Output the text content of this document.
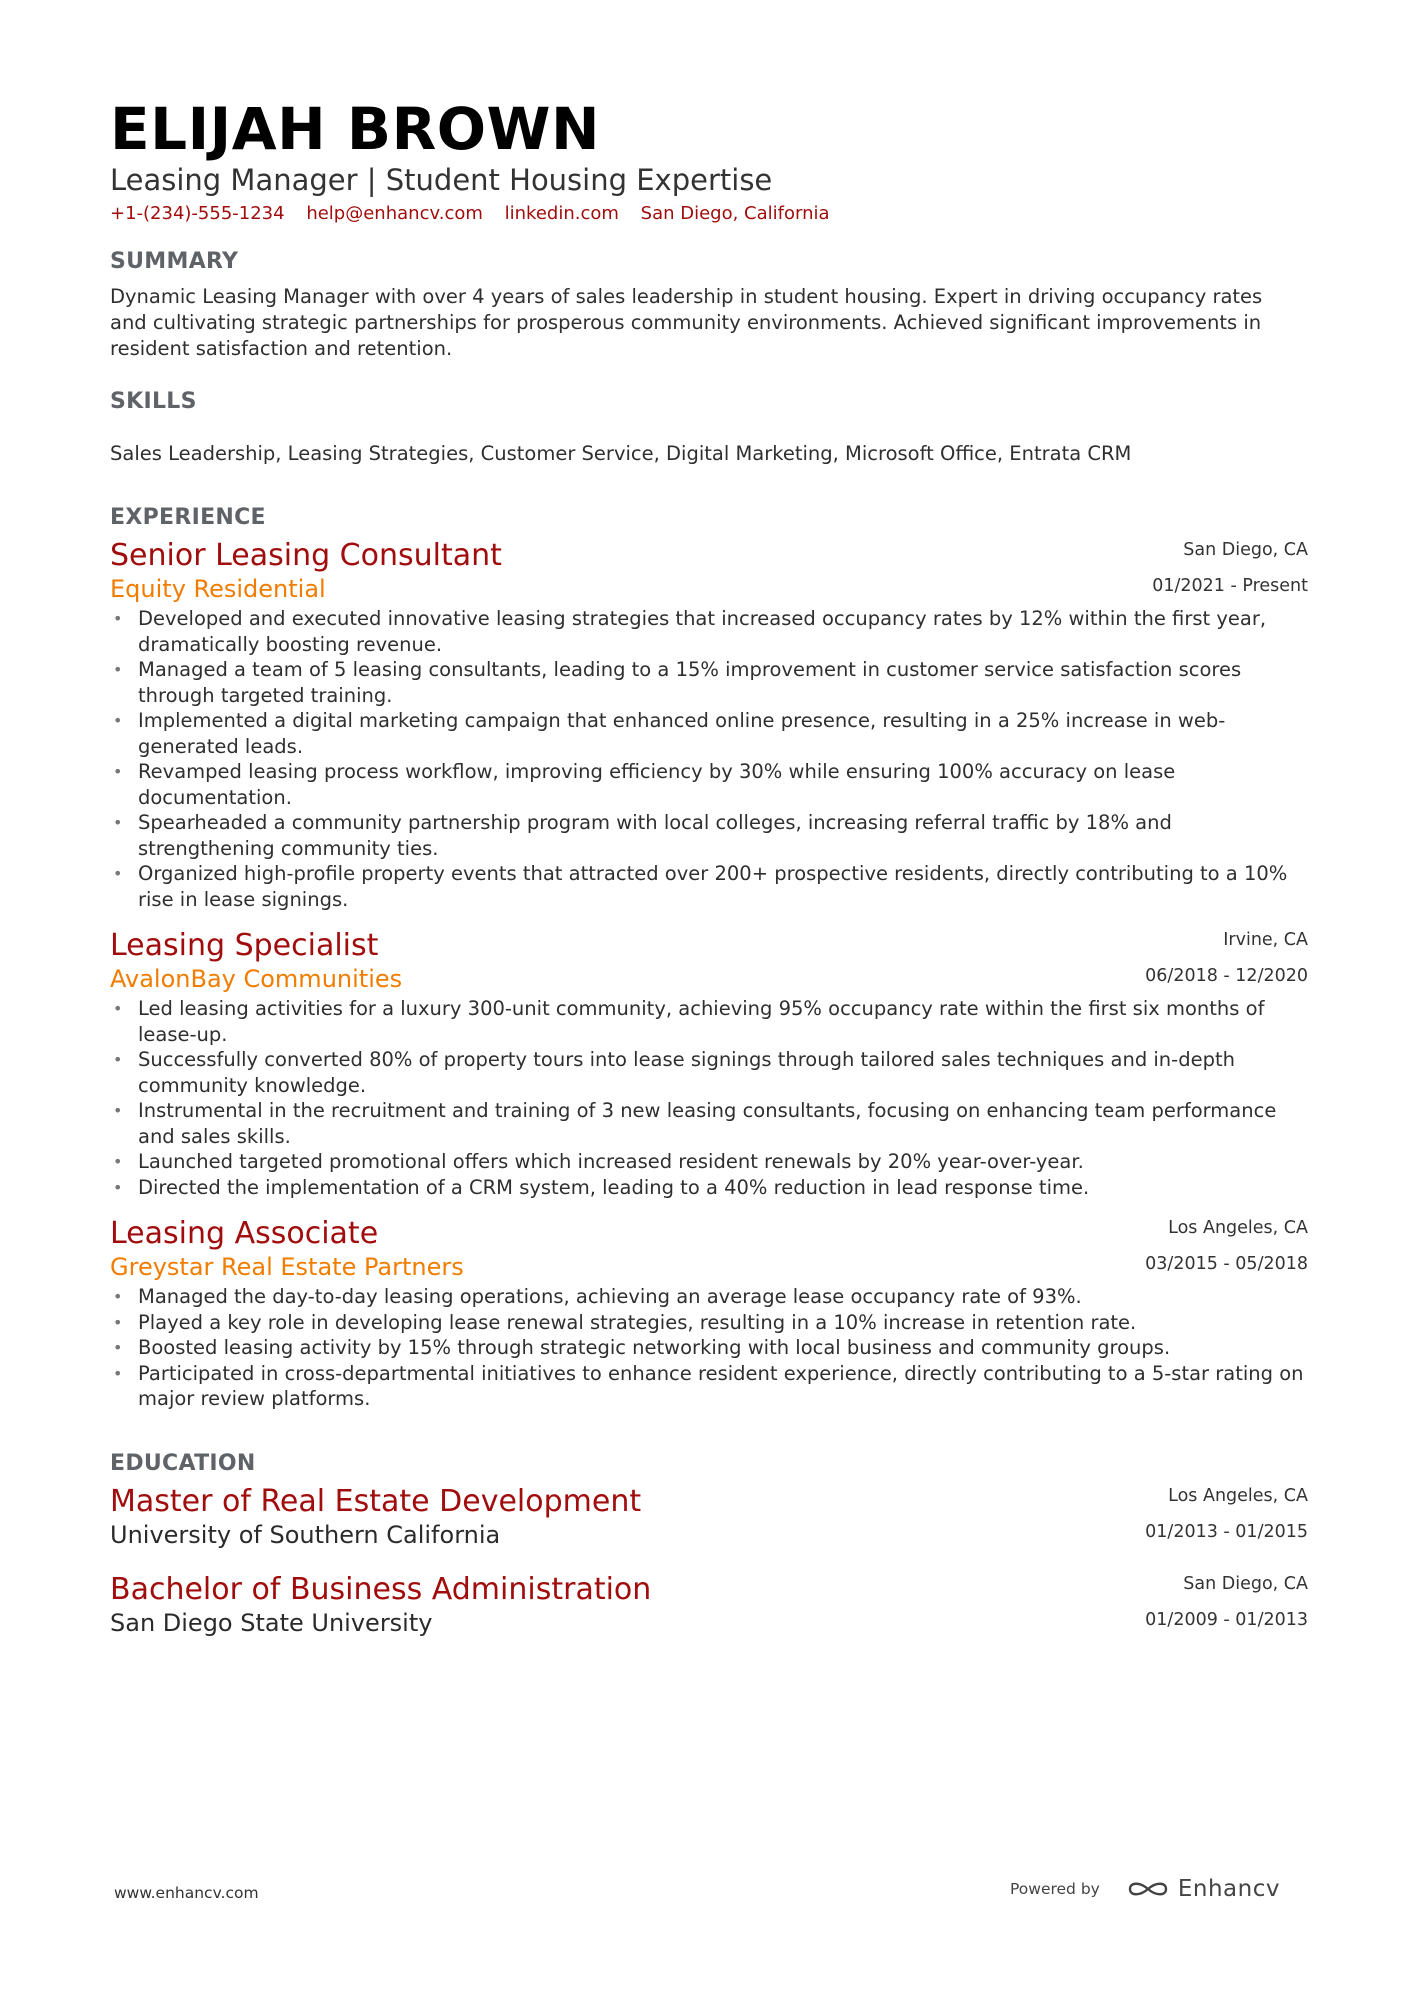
ELIJAH BROWN
Leasing Manager | Student Housing Expertise
+1-(234)-555-1234 help@enhancv.com linkedin.com San Diego, California
SUMMARY
Dynamic Leasing Manager with over 4 years of sales leadership in student housing. Expert in driving occupancy rates and cultivating strategic partnerships for prosperous community environments. Achieved significant improvements in resident satisfaction and retention.
SKILLS
Sales Leadership, Leasing Strategies, Customer Service, Digital Marketing, Microsoft Office, Entrata CRM
EXPERIENCE
San Diego, CA
01/2021 - Present
Senior Leasing Consultant
Equity Residential
• Developed and executed innovative leasing strategies that increased occupancy rates by 12% within the first year, dramatically boosting revenue.
• Managed a team of 5 leasing consultants, leading to a 15% improvement in customer service satisfaction scores through targeted training.
• Implemented a digital marketing campaign that enhanced online presence, resulting in a 25% increase in web-generated leads.
• Revamped leasing process workflow, improving efficiency by 30% while ensuring 100% accuracy on lease documentation.
• Spearheaded a community partnership program with local colleges, increasing referral traffic by 18% and strengthening community ties.
• Organized high-profile property events that attracted over 200+ prospective residents, directly contributing to a 10% rise in lease signings.
Irvine, CA
06/2018 - 12/2020
Leasing Specialist
AvalonBay Communities
• Led leasing activities for a luxury 300-unit community, achieving 95% occupancy rate within the first six months of lease-up.
• Successfully converted 80% of property tours into lease signings through tailored sales techniques and in-depth community knowledge.
• Instrumental in the recruitment and training of 3 new leasing consultants, focusing on enhancing team performance and sales skills.
• Launched targeted promotional offers which increased resident renewals by 20% year-over-year.
• Directed the implementation of a CRM system, leading to a 40% reduction in lead response time.
Los Angeles, CA
03/2015 - 05/2018
Leasing Associate
Greystar Real Estate Partners
• Managed the day-to-day leasing operations, achieving an average lease occupancy rate of 93%.
• Played a key role in developing lease renewal strategies, resulting in a 10% increase in retention rate.
• Boosted leasing activity by 15% through strategic networking with local business and community groups.
• Participated in cross-departmental initiatives to enhance resident experience, directly contributing to a 5-star rating on major review platforms.
EDUCATION
Los Angeles, CA
01/2013 - 01/2015
Master of Real Estate Development
University of Southern California
San Diego, CA
01/2009 - 01/2013
Bachelor of Business Administration
San Diego State University
www.enhancv.com	Powered by	Enhancv
